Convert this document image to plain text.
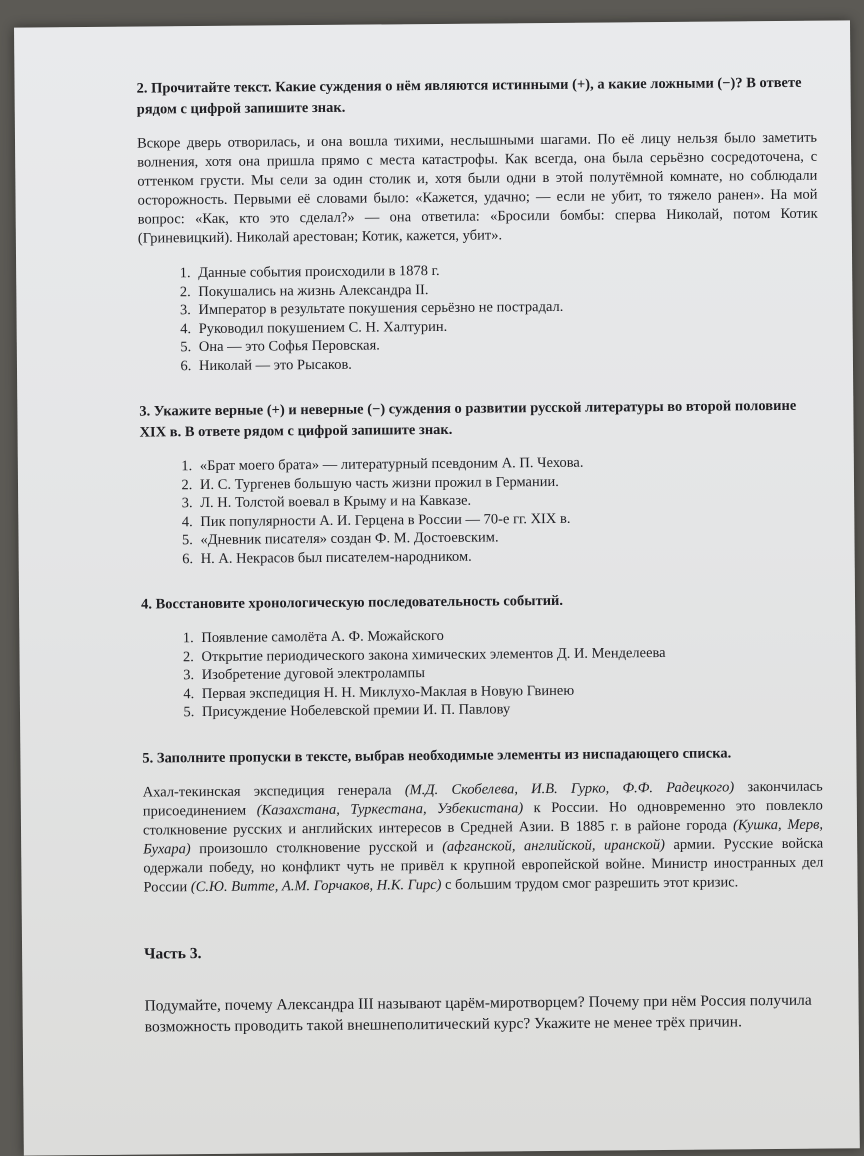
2. Прочитайте текст. Какие суждения о нём являются истинными (+), а какие ложными (−)? В ответе рядом с цифрой запишите знак.

Вскоре дверь отворилась, и она вошла тихими, неслышными шагами. По её лицу нельзя было заметить волнения, хотя она пришла прямо с места катастрофы. Как всегда, она была серьёзно сосредоточена, с оттенком грусти. Мы сели за один столик и, хотя были одни в этой полутёмной комнате, но соблюдали осторожность. Первыми её словами было: «Кажется, удачно; — если не убит, то тяжело ранен». На мой вопрос: «Как, кто это сделал?» — она ответила: «Бросили бомбы: сперва Николай, потом Котик (Гриневицкий). Николай арестован; Котик, кажется, убит».

1. Данные события происходили в 1878 г.
2. Покушались на жизнь Александра II.
3. Император в результате покушения серьёзно не пострадал.
4. Руководил покушением С. Н. Халтурин.
5. Она — это Софья Перовская.
6. Николай — это Рысаков.

3. Укажите верные (+) и неверные (−) суждения о развитии русской литературы во второй половине XIX в. В ответе рядом с цифрой запишите знак.

1. «Брат моего брата» — литературный псевдоним А. П. Чехова.
2. И. С. Тургенев большую часть жизни прожил в Германии.
3. Л. Н. Толстой воевал в Крыму и на Кавказе.
4. Пик популярности А. И. Герцена в России — 70-е гг. XIX в.
5. «Дневник писателя» создан Ф. М. Достоевским.
6. Н. А. Некрасов был писателем-народником.

4. Восстановите хронологическую последовательность событий.

1. Появление самолёта А. Ф. Можайского
2. Открытие периодического закона химических элементов Д. И. Менделеева
3. Изобретение дуговой электролампы
4. Первая экспедиция Н. Н. Миклухо-Маклая в Новую Гвинею
5. Присуждение Нобелевской премии И. П. Павлову

5. Заполните пропуски в тексте, выбрав необходимые элементы из ниспадающего списка.

Ахал-текинская экспедиция генерала (М.Д. Скобелева, И.В. Гурко, Ф.Ф. Радецкого) закончилась присоединением (Казахстана, Туркестана, Узбекистана) к России. Но одновременно это повлекло столкновение русских и английских интересов в Средней Азии. В 1885 г. в районе города (Кушка, Мерв, Бухара) произошло столкновение русской и (афганской, английской, иранской) армии. Русские войска одержали победу, но конфликт чуть не привёл к крупной европейской войне. Министр иностранных дел России (С.Ю. Витте, А.М. Горчаков, Н.К. Гирс) с большим трудом смог разрешить этот кризис.

Часть 3.

Подумайте, почему Александра III называют царём-миротворцем? Почему при нём Россия получила возможность проводить такой внешнеполитический курс? Укажите не менее трёх причин.
